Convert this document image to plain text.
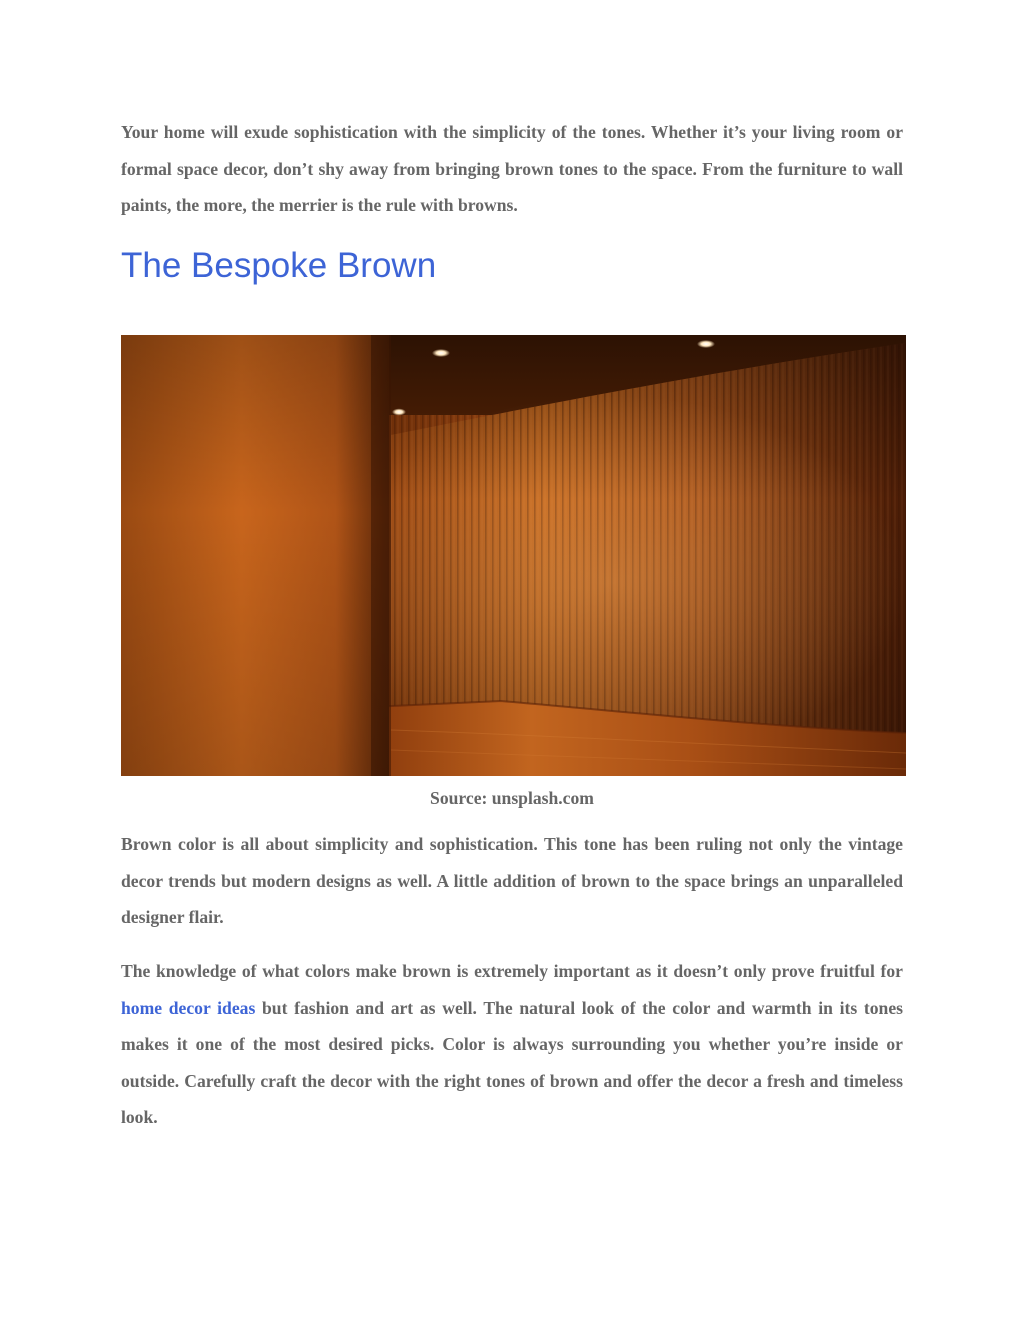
Your home will exude sophistication with the simplicity of the tones. Whether it’s your living room or formal space decor, don’t shy away from bringing brown tones to the space. From the furniture to wall paints, the more, the merrier is the rule with browns.

The Bespoke Brown
Source: unsplash.com

Brown color is all about simplicity and sophistication. This tone has been ruling not only the vintage decor trends but modern designs as well. A little addition of brown to the space brings an unparalleled designer flair.

The knowledge of what colors make brown is extremely important as it doesn’t only prove fruitful for home decor ideas but fashion and art as well. The natural look of the color and warmth in its tones makes it one of the most desired picks. Color is always surrounding you whether you’re inside or outside. Carefully craft the decor with the right tones of brown and offer the decor a fresh and timeless look.
